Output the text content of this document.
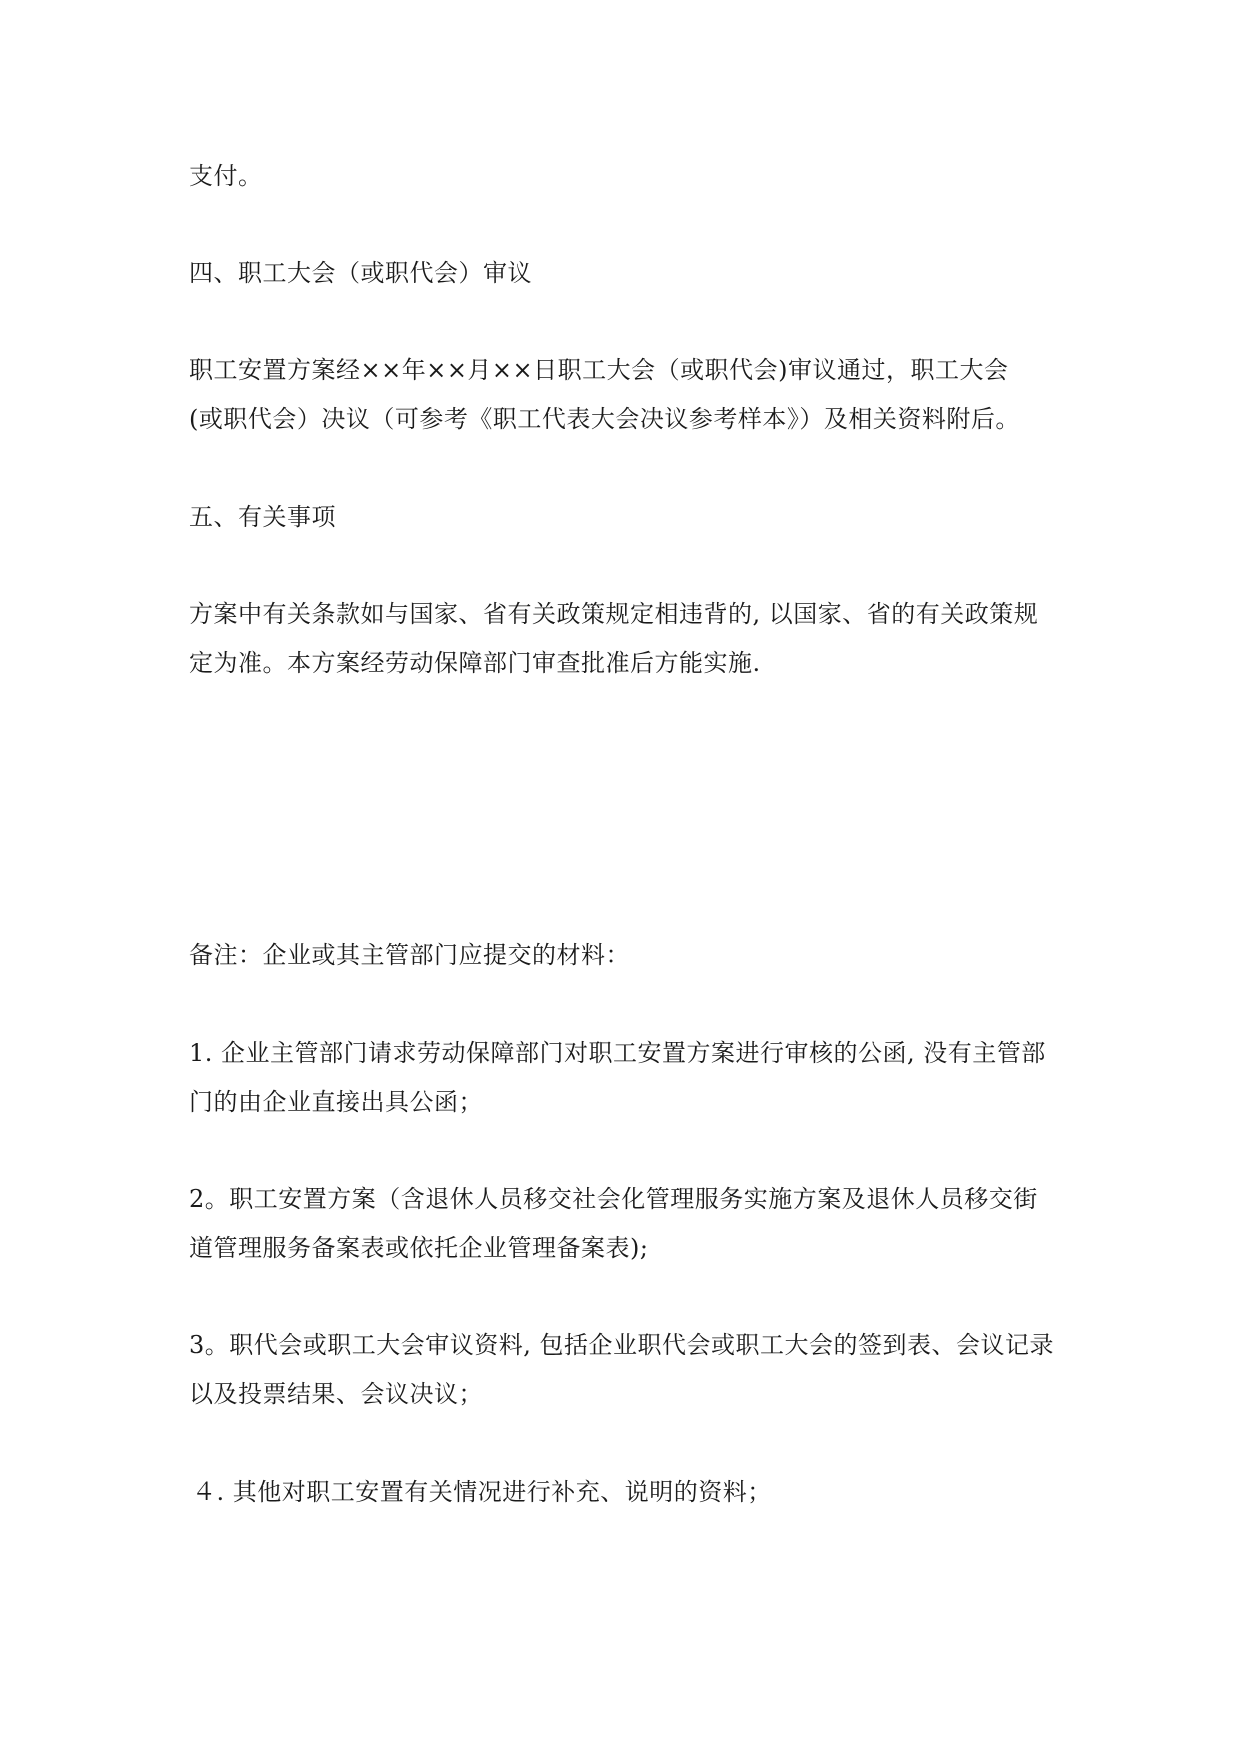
支付。
四、职工大会（或职代会）审议
职工安置方案经××年××月××日职工大会（或职代会)审议通过，职工大会
(或职代会）决议（可参考《职工代表大会决议参考样本》）及相关资料附后。
五、有关事项
方案中有关条款如与国家、省有关政策规定相违背的, 以国家、省的有关政策规
定为准。本方案经劳动保障部门审查批准后方能实施.
备注：企业或其主管部门应提交的材料：
1. 企业主管部门请求劳动保障部门对职工安置方案进行审核的公函, 没有主管部
门的由企业直接出具公函；
2。职工安置方案（含退休人员移交社会化管理服务实施方案及退休人员移交街
道管理服务备案表或依托企业管理备案表);
3。职代会或职工大会审议资料, 包括企业职代会或职工大会的签到表、会议记录
以及投票结果、会议决议；
４. 其他对职工安置有关情况进行补充、说明的资料；
